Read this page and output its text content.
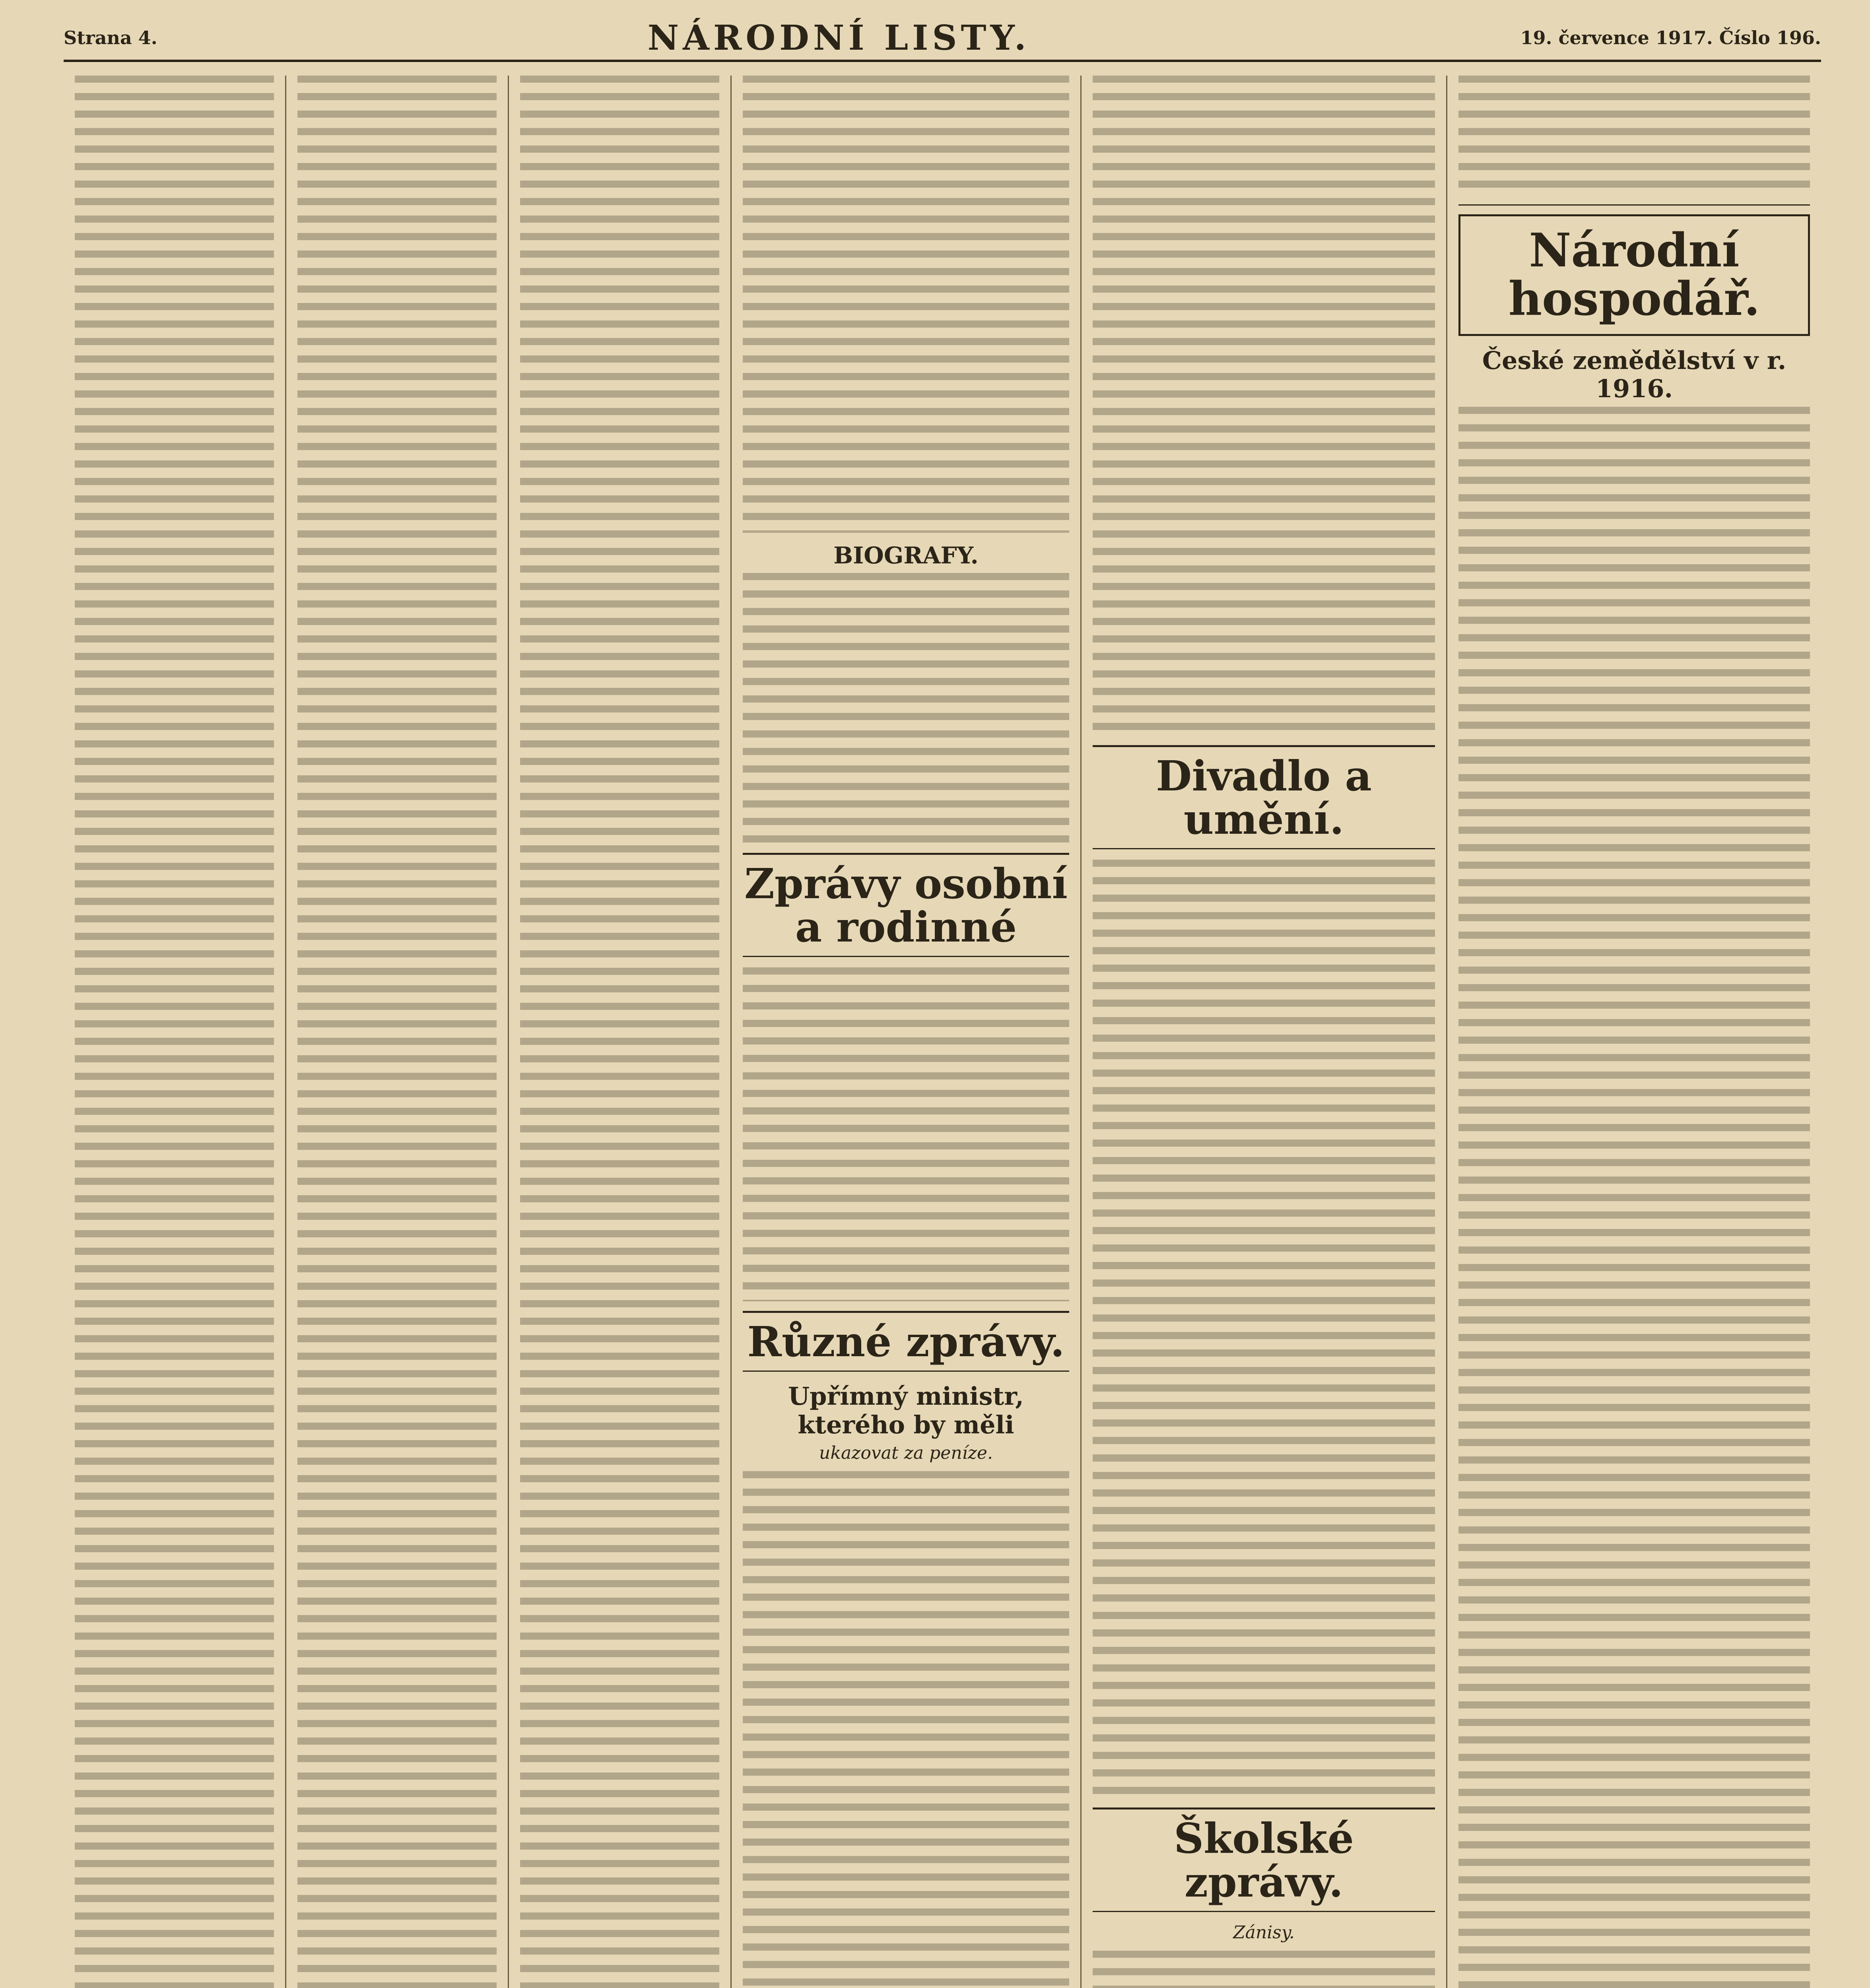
Strana 4.	NÁRODNÍ LISTY.	19. července 1917. Číslo 196.
BIOGRAFY.
Zprávy osobní a rodinné
Různé zprávy.
Upřímný ministr, kterého by měli
u​kazovat za peníze.
Divadlo a umění.
Školské zprávy.
Zánisy.
Národní hospodář.
České zemědělství v r. 1916.
